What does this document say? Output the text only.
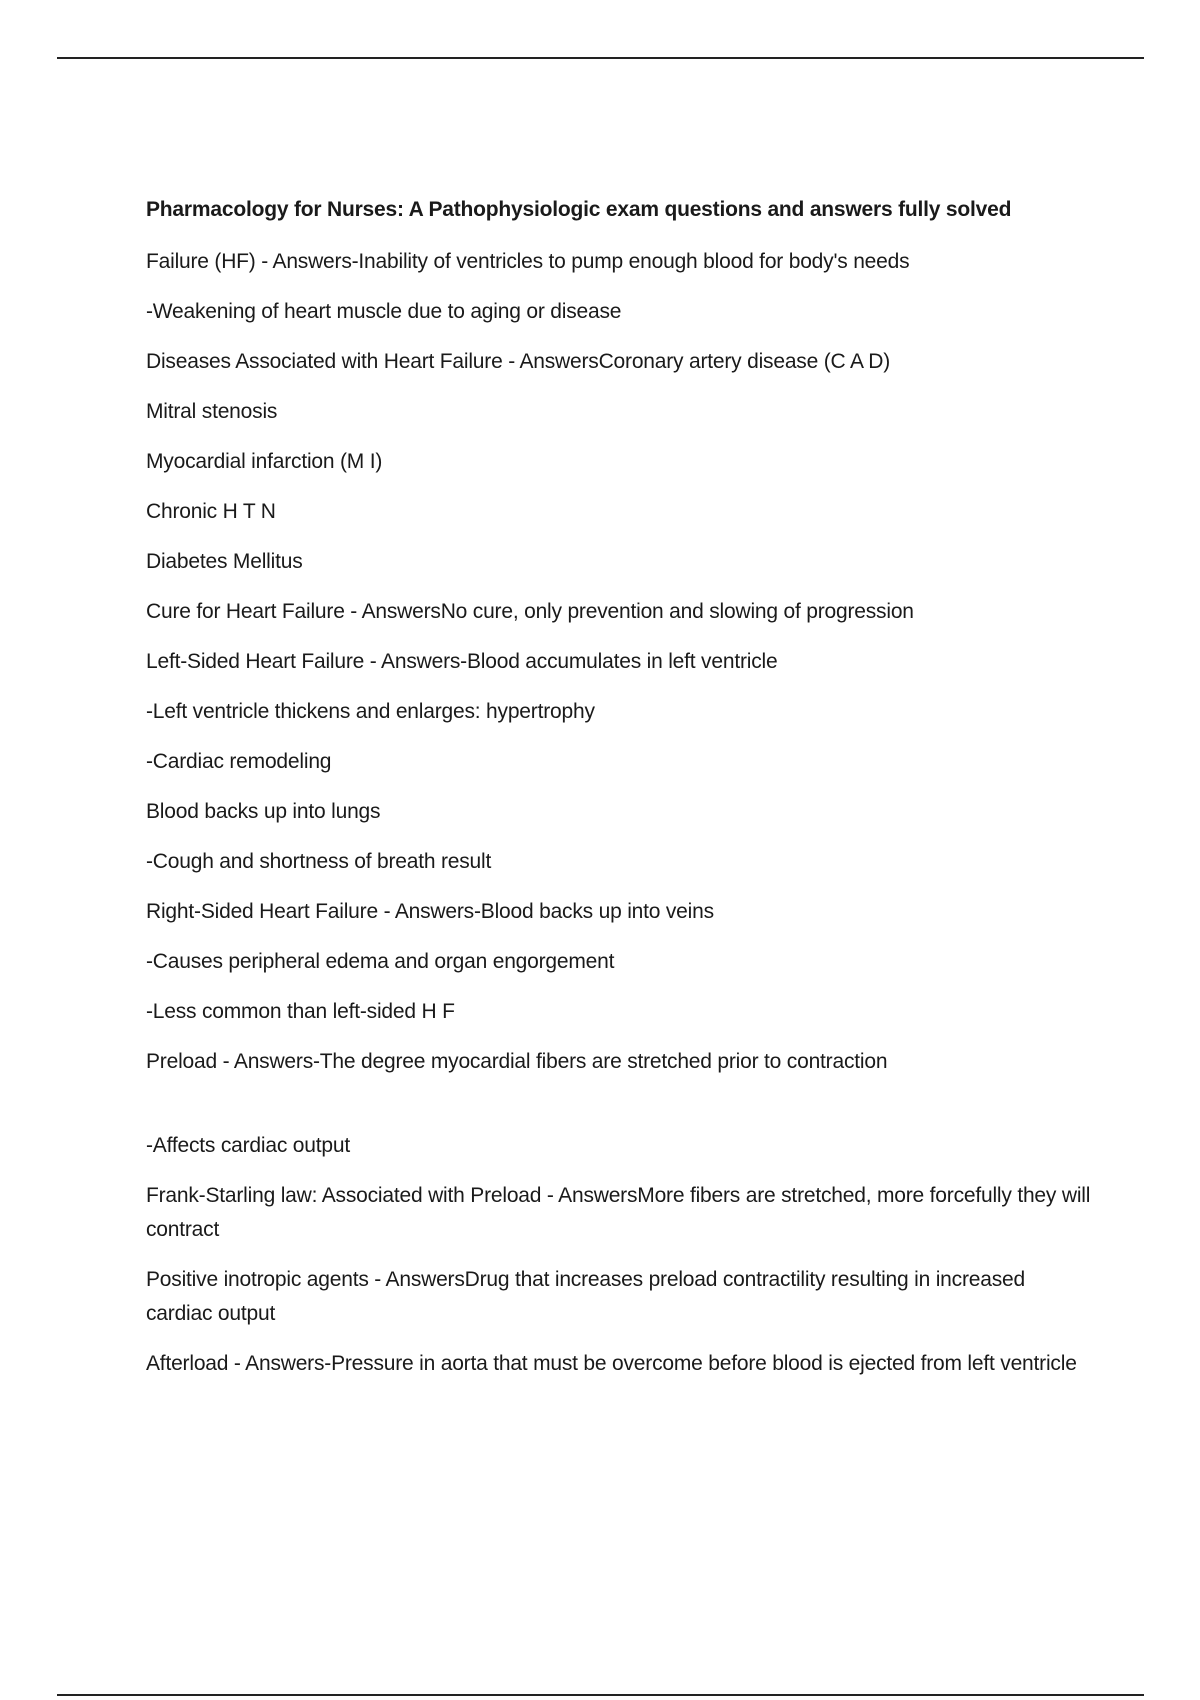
Pharmacology for Nurses: A Pathophysiologic exam questions and answers fully solved
Failure (HF) - Answers-Inability of ventricles to pump enough blood for body's needs
-Weakening of heart muscle due to aging or disease
Diseases Associated with Heart Failure - AnswersCoronary artery disease (C A D)
Mitral stenosis
Myocardial infarction (M I)
Chronic H T N
Diabetes Mellitus
Cure for Heart Failure - AnswersNo cure, only prevention and slowing of progression
Left-Sided Heart Failure - Answers-Blood accumulates in left ventricle
-Left ventricle thickens and enlarges: hypertrophy
-Cardiac remodeling
Blood backs up into lungs
-Cough and shortness of breath result
Right-Sided Heart Failure - Answers-Blood backs up into veins
-Causes peripheral edema and organ engorgement
-Less common than left-sided H F
Preload - Answers-The degree myocardial fibers are stretched prior to contraction
-Affects cardiac output
Frank-Starling law: Associated with Preload - AnswersMore fibers are stretched, more forcefully they will contract
Positive inotropic agents - AnswersDrug that increases preload contractility resulting in increased cardiac output
Afterload - Answers-Pressure in aorta that must be overcome before blood is ejected from left ventricle
